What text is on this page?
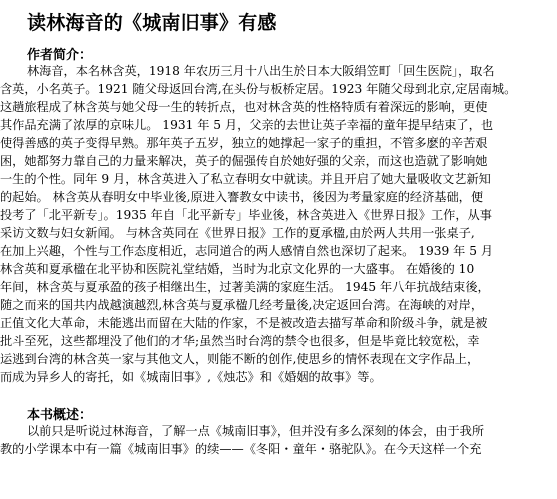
读林海音的《城南旧事》有感
作者简介：
林海音，本名林含英，1918 年农历三月十八出生於日本大阪绢笠町「回生医院」，取名
含英，小名英子。1921 随父母返回台湾,在头份与板桥定居。1923 年随父母到北京,定居南城。
这趟旅程成了林含英与她父母一生的转折点，也对林含英的性格特质有着深远的影响，更使
其作品充满了浓厚的京味儿。 1931 年 5 月，父亲的去世让英子幸福的童年提早结束了，也
使得善感的英子变得早熟。那年英子五岁，独立的她撑起一家子的重担，不管多麽的辛苦艰
困，她都努力靠自己的力量来解决，英子的倔强传自於她好强的父亲，而这也造就了影响她
一生的个性。同年 9 月，林含英进入了私立春明女中就读。并且开启了她大量吸收文艺新知
的起始。 林含英从春明女中毕业後,原进入謇教女中读书，後因为考量家庭的经济基础，便
投考了「北平新专」。1935 年自「北平新专」毕业後，林含英进入《世界日报》工作，从事
采访文数与妇女新闻。 与林含英同在《世界日报》工作的夏承楹,由於两人共用一张桌子,
在加上兴趣，个性与工作态度相近，志同道合的两人感情自然也深切了起来。 1939 年 5 月
林含英和夏承楹在北平协和医院礼堂结婚，当时为北京文化界的一大盛事。 在婚後的 10
年间，林含英与夏承盈的孩子相继出生，过著美满的家庭生活。 1945 年八年抗战结束後，
随之而来的国共内战越演越烈,林含英与夏承楹几经考量後,决定返回台湾。在海峡的对岸，
正值文化大革命，未能逃出而留在大陆的作家，不是被改造去描写革命和阶级斗争，就是被
批斗至死，这些都埋没了他们的才华;虽然当时台湾的禁令也很多，但是毕竟比较宽松，幸
运逃到台湾的林含英一家与其他文人，则能不断的创作,使思乡的情怀表现在文字作品上，
而成为异乡人的寄托，如《城南旧事》,《烛芯》和《婚姻的故事》等。
本书概述：
以前只是听说过林海音，了解一点《城南旧事》，但并没有多么深刻的体会，由于我所
教的小学课本中有一篇《城南旧事》的续——《冬阳・童年・骆驼队》。在今天这样一个充
